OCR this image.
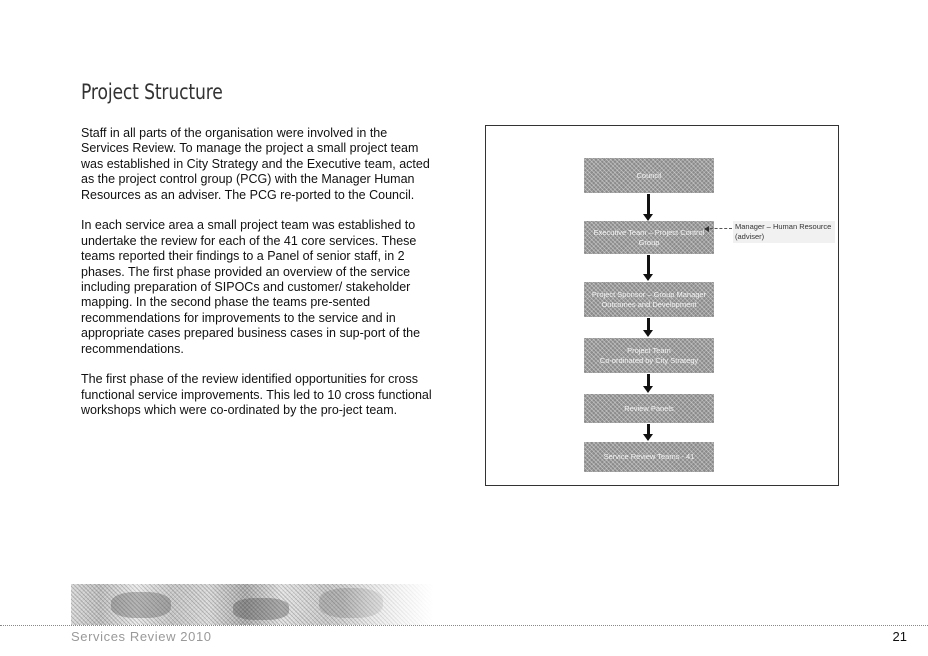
Project Structure

Staff in all parts of the organisation were involved in the Services Review. To manage the project a small project team was established in City Strategy and the Executive team, acted as the project control group (PCG) with the Manager Human Resources as an adviser. The PCG re-ported to the Council.

In each service area a small project team was established to undertake the review for each of the 41 core services. These teams reported their findings to a Panel of senior staff, in 2 phases. The first phase provided an overview of the service including preparation of SIPOCs and customer/ stakeholder mapping. In the second phase the teams pre-sented recommendations for improvements to the service and in appropriate cases prepared business cases in sup-port of the recommendations.

The first phase of the review identified opportunities for cross functional service improvements. This led to 10 cross functional workshops which were co-ordinated by the pro-ject team.

Council
Executive Team – Project Control
Group
Manager – Human Resource
(adviser)
Project Sponsor – Group Manager
Outcomes and Development
Project Team
Co-ordinated by City Strategy
Review Panels
Service Review Teams - 41
Services Review 2010	21
